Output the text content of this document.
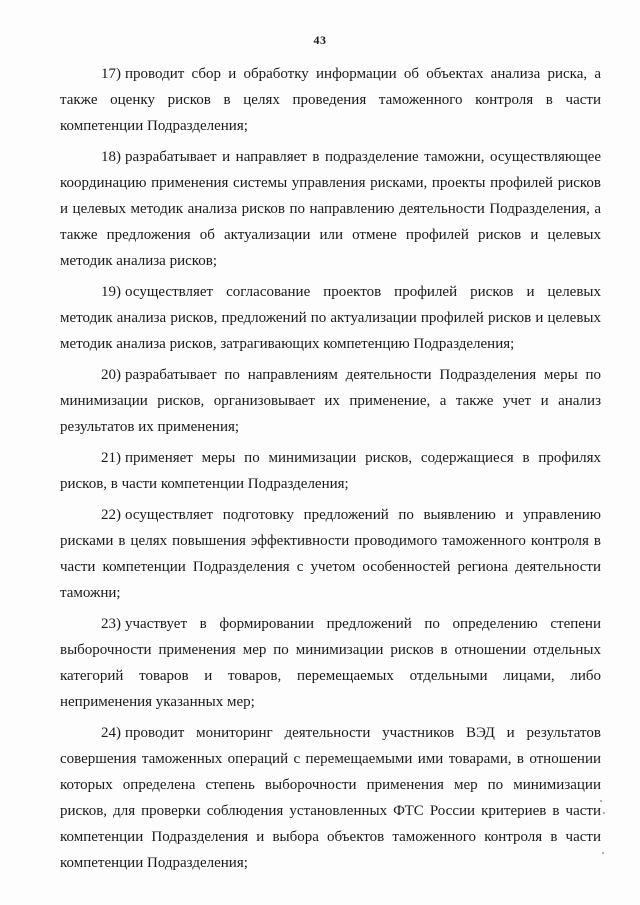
43

17) проводит сбор и обработку информации об объектах анализа риска, а также оценку рисков в целях проведения таможенного контроля в части компетенции Подразделения;

18) разрабатывает и направляет в подразделение таможни, осуществляющее координацию применения системы управления рисками, проекты профилей рисков и целевых методик анализа рисков по направлению деятельности Подразделения, а также предложения об актуализации или отмене профилей рисков и целевых методик анализа рисков;

19) осуществляет согласование проектов профилей рисков и целевых методик анализа рисков, предложений по актуализации профилей рисков и целевых методик анализа рисков, затрагивающих компетенцию Подразделения;

20) разрабатывает по направлениям деятельности Подразделения меры по минимизации рисков, организовывает их применение, а также учет и анализ результатов их применения;

21) применяет меры по минимизации рисков, содержащиеся в профилях рисков, в части компетенции Подразделения;

22) осуществляет подготовку предложений по выявлению и управлению рисками в целях повышения эффективности проводимого таможенного контроля в части компетенции Подразделения с учетом особенностей региона деятельности таможни;

23) участвует в формировании предложений по определению степени выборочности применения мер по минимизации рисков в отношении отдельных категорий товаров и товаров, перемещаемых отдельными лицами, либо неприменения указанных мер;

24) проводит мониторинг деятельности участников ВЭД и результатов совершения таможенных операций с перемещаемыми ими товарами, в отношении которых определена степень выборочности применения мер по минимизации рисков, для проверки соблюдения установленных ФТС России критериев в части компетенции Подразделения и выбора объектов таможенного контроля в части компетенции Подразделения;
